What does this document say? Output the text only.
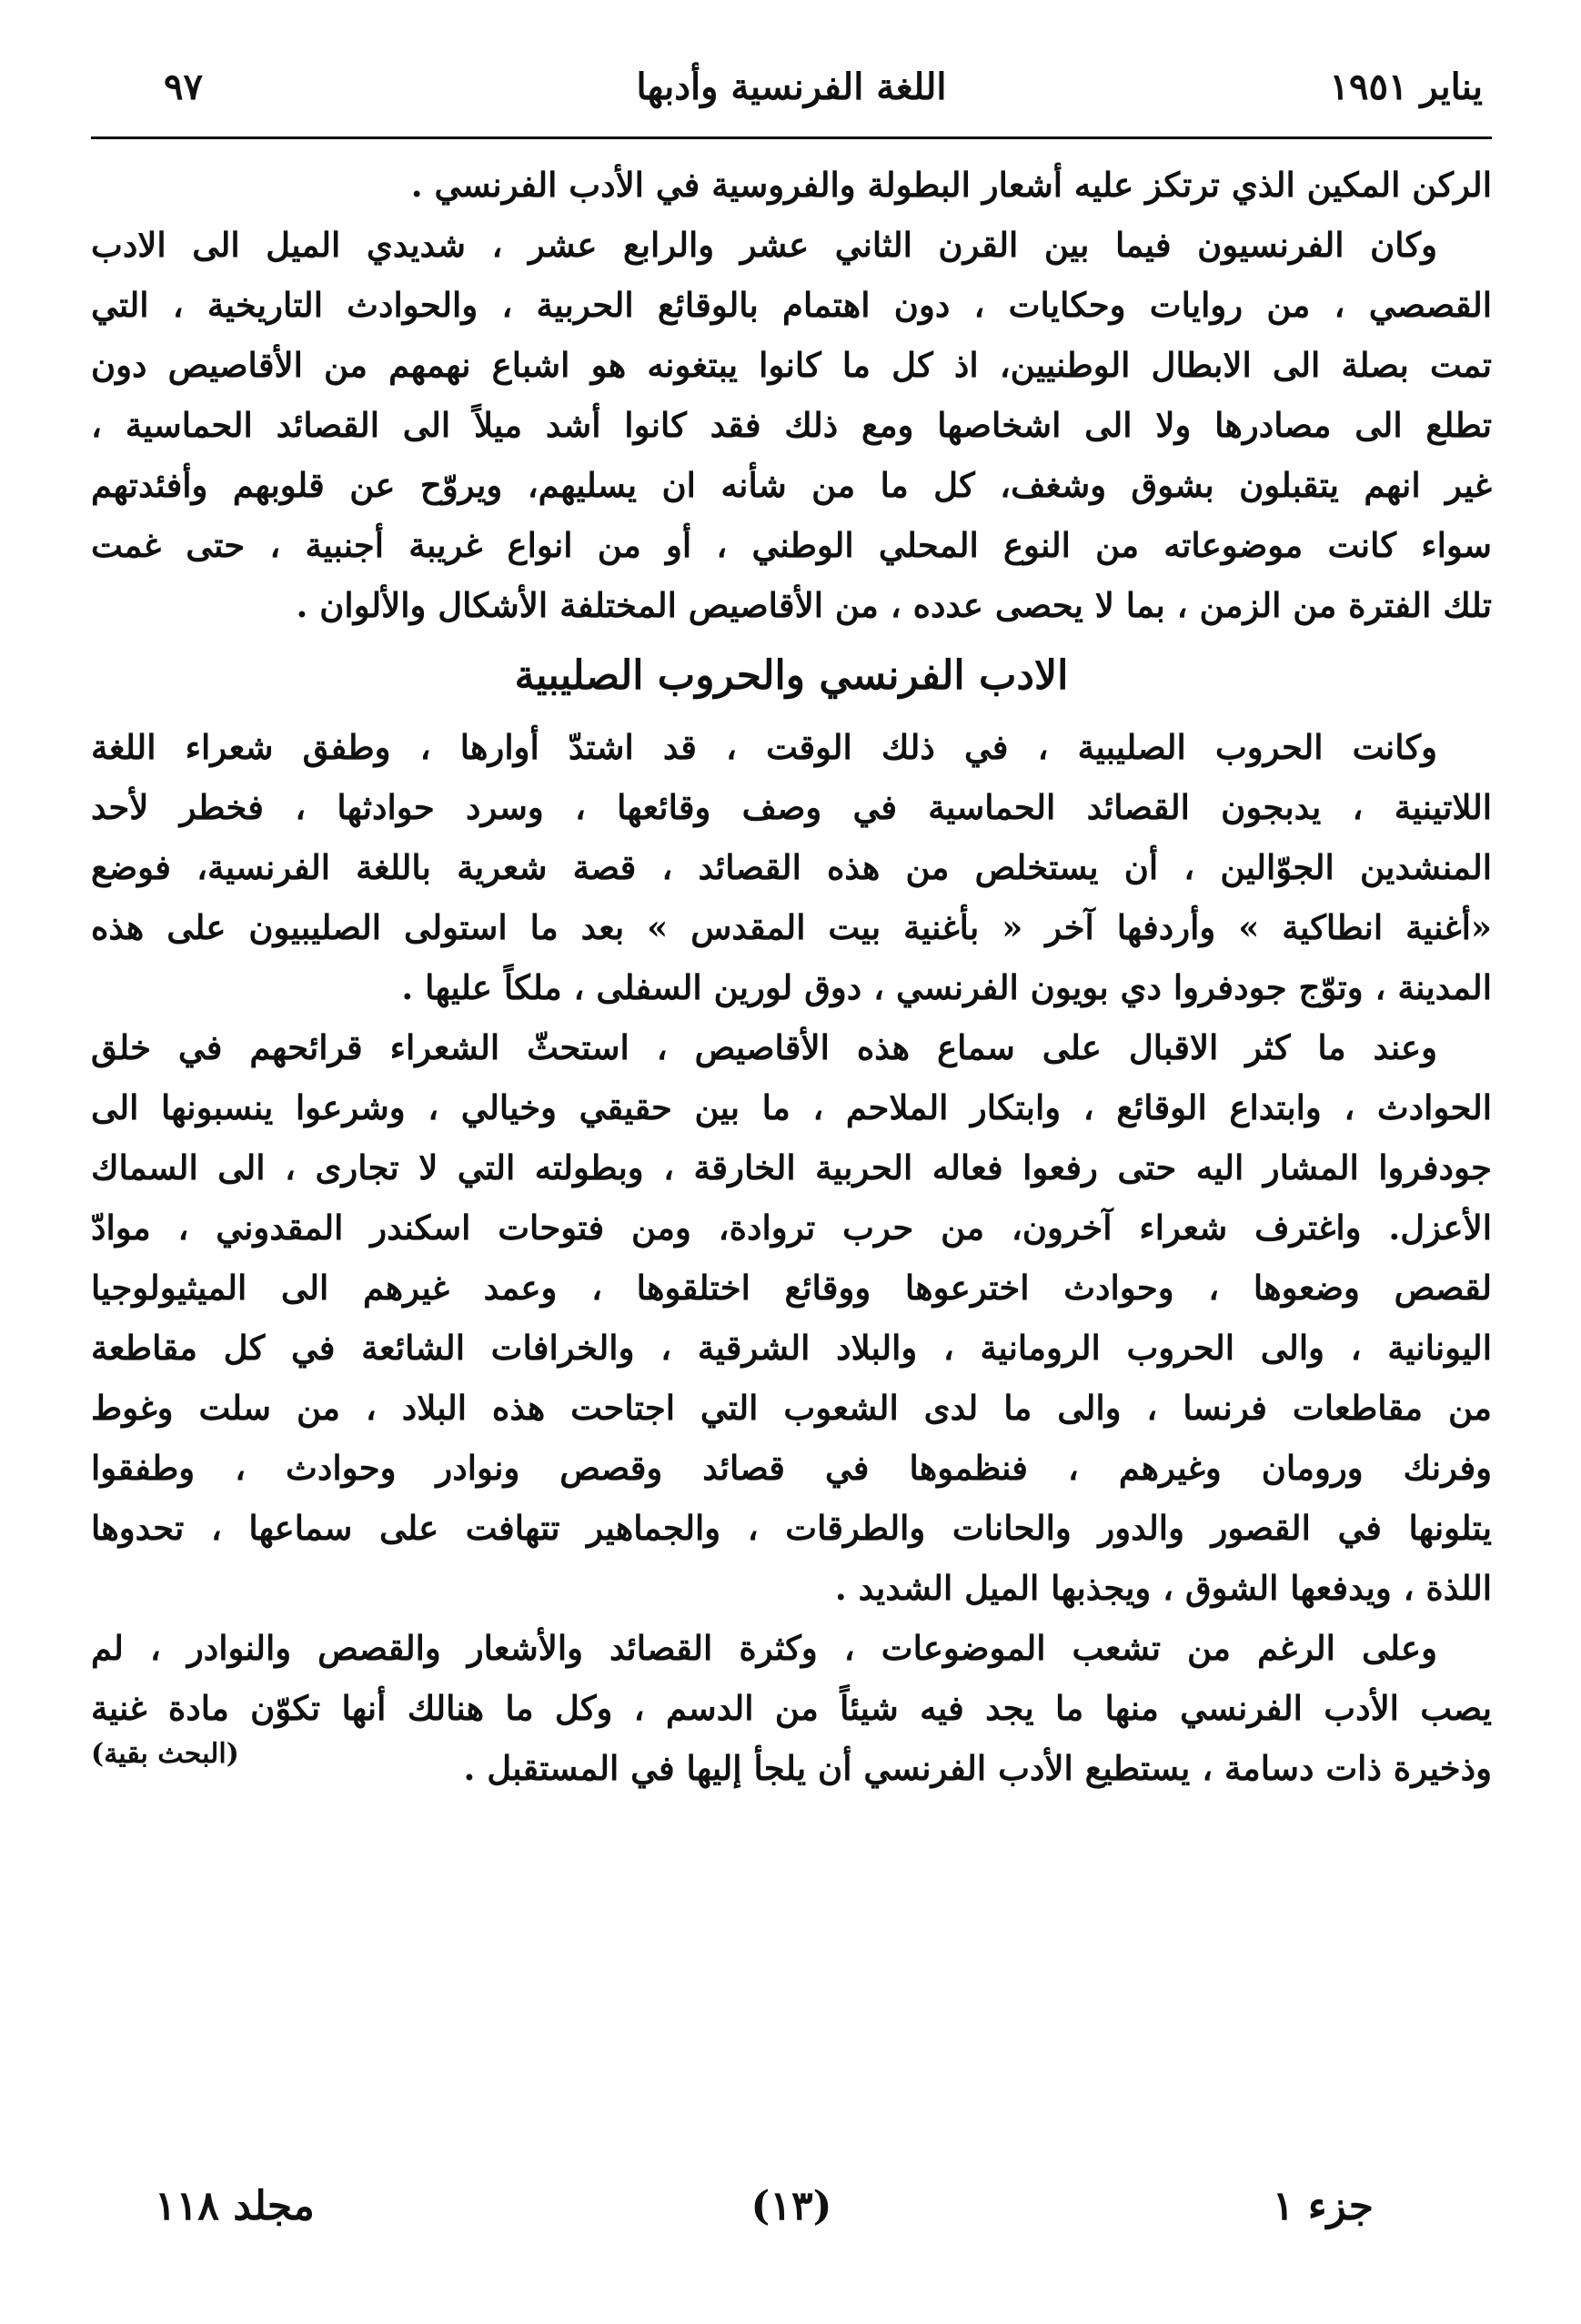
يناير ١٩٥١
اللغة الفرنسية وأدبها
٩٧
الركن المكين الذي ترتكز عليه أشعار البطولة والفروسية في الأدب الفرنسي .
وكان الفرنسيون فيما بين القرن الثاني عشر والرابع عشر ، شديدي الميل الى الادب
القصصي ، من روايات وحكايات ، دون اهتمام بالوقائع الحربية ، والحوادث التاريخية ، التي
تمت بصلة الى الابطال الوطنيين، اذ كل ما كانوا يبتغونه هو اشباع نهمهم من الأقاصيص دون
تطلع الى مصادرها ولا الى اشخاصها ومع ذلك فقد كانوا أشد ميلاً الى القصائد الحماسية ،
غير انهم يتقبلون بشوق وشغف، كل ما من شأنه ان يسليهم، ويروّح عن قلوبهم وأفئدتهم
سواء كانت موضوعاته من النوع المحلي الوطني ، أو من انواع غريبة أجنبية ، حتى غمت
تلك الفترة من الزمن ، بما لا يحصى عدده ، من الأقاصيص المختلفة الأشكال والألوان .
الادب الفرنسي والحروب الصليبية
وكانت الحروب الصليبية ، في ذلك الوقت ، قد اشتدّ أوارها ، وطفق شعراء اللغة
اللاتينية ، يدبجون القصائد الحماسية في وصف وقائعها ، وسرد حوادثها ، فخطر لأحد
المنشدين الجوّالين ، أن يستخلص من هذه القصائد ، قصة شعرية باللغة الفرنسية، فوضع
«أغنية انطاكية » وأردفها آخر « بأغنية بيت المقدس » بعد ما استولى الصليبيون على هذه
المدينة ، وتوّج جودفروا دي بويون الفرنسي ، دوق لورين السفلى ، ملكاً عليها .
وعند ما كثر الاقبال على سماع هذه الأقاصيص ، استحثّ الشعراء قرائحهم في خلق
الحوادث ، وابتداع الوقائع ، وابتكار الملاحم ، ما بين حقيقي وخيالي ، وشرعوا ينسبونها الى
جودفروا المشار اليه حتى رفعوا فعاله الحربية الخارقة ، وبطولته التي لا تجارى ، الى السماك
الأعزل. واغترف شعراء آخرون، من حرب تروادة، ومن فتوحات اسكندر المقدوني ، موادّ
لقصص وضعوها ، وحوادث اخترعوها ووقائع اختلقوها ، وعمد غيرهم الى الميثيولوجيا
اليونانية ، والى الحروب الرومانية ، والبلاد الشرقية ، والخرافات الشائعة في كل مقاطعة
من مقاطعات فرنسا ، والى ما لدى الشعوب التي اجتاحت هذه البلاد ، من سلت وغوط
وفرنك ورومان وغيرهم ، فنظموها في قصائد وقصص ونوادر وحوادث ، وطفقوا
يتلونها في القصور والدور والحانات والطرقات ، والجماهير تتهافت على سماعها ، تحدوها
اللذة ، ويدفعها الشوق ، ويجذبها الميل الشديد .
وعلى الرغم من تشعب الموضوعات ، وكثرة القصائد والأشعار والقصص والنوادر ، لم
يصب الأدب الفرنسي منها ما يجد فيه شيئاً من الدسم ، وكل ما هنالك أنها تكوّن مادة غنية
وذخيرة ذات دسامة ، يستطيع الأدب الفرنسي أن يلجأ إليها في المستقبل .
(البحث بقية)
جزء ١
(١٣)
مجلد ١١٨
